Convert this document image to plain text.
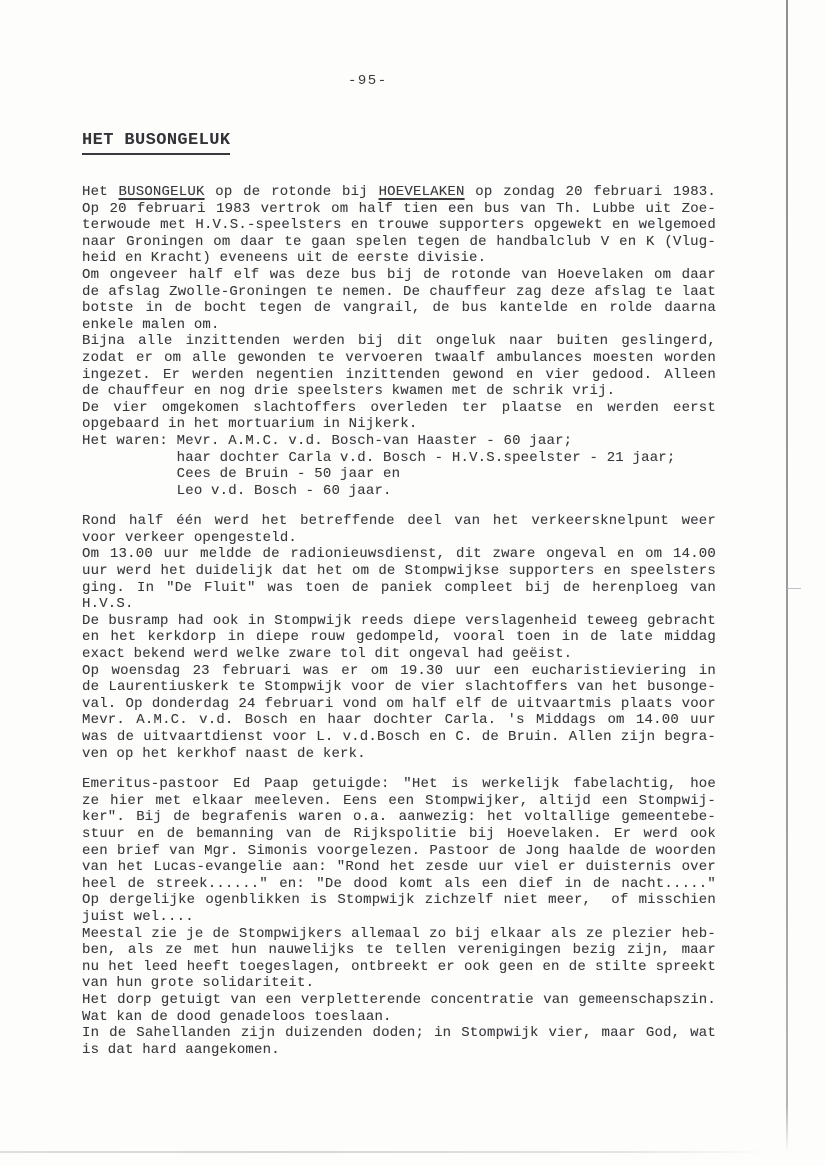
-95-
HET BUSONGELUK
Het BUSONGELUK op de rotonde bij HOEVELAKEN op zondag 20 februari 1983.
Op 20 februari 1983 vertrok om half tien een bus van Th. Lubbe uit Zoe-
terwoude met H.V.S.-speelsters en trouwe supporters opgewekt en welgemoed
naar Groningen om daar te gaan spelen tegen de handbalclub V en K (Vlug-
heid en Kracht) eveneens uit de eerste divisie.
Om ongeveer half elf was deze bus bij de rotonde van Hoevelaken om daar
de afslag Zwolle-Groningen te nemen. De chauffeur zag deze afslag te laat
botste in de bocht tegen de vangrail, de bus kantelde en rolde daarna
enkele malen om.
Bijna alle inzittenden werden bij dit ongeluk naar buiten geslingerd,
zodat er om alle gewonden te vervoeren twaalf ambulances moesten worden
ingezet. Er werden negentien inzittenden gewond en vier gedood. Alleen
de chauffeur en nog drie speelsters kwamen met de schrik vrij.
De vier omgekomen slachtoffers overleden ter plaatse en werden eerst
opgebaard in het mortuarium in Nijkerk.
Het waren: Mevr. A.M.C. v.d. Bosch-van Haaster - 60 jaar;
haar dochter Carla v.d. Bosch - H.V.S.speelster - 21 jaar;
Cees de Bruin - 50 jaar en
Leo v.d. Bosch - 60 jaar.
Rond half één werd het betreffende deel van het verkeersknelpunt weer
voor verkeer opengesteld.
Om 13.00 uur meldde de radionieuwsdienst, dit zware ongeval en om 14.00
uur werd het duidelijk dat het om de Stompwijkse supporters en speelsters
ging. In "De Fluit" was toen de paniek compleet bij de herenploeg van
H.V.S.
De busramp had ook in Stompwijk reeds diepe verslagenheid teweeg gebracht
en het kerkdorp in diepe rouw gedompeld, vooral toen in de late middag
exact bekend werd welke zware tol dit ongeval had geëist.
Op woensdag 23 februari was er om 19.30 uur een eucharistieviering in
de Laurentiuskerk te Stompwijk voor de vier slachtoffers van het busonge-
val. Op donderdag 24 februari vond om half elf de uitvaartmis plaats voor
Mevr. A.M.C. v.d. Bosch en haar dochter Carla. 's Middags om 14.00 uur
was de uitvaartdienst voor L. v.d.Bosch en C. de Bruin. Allen zijn begra-
ven op het kerkhof naast de kerk.
Emeritus-pastoor Ed Paap getuigde: "Het is werkelijk fabelachtig, hoe
ze hier met elkaar meeleven. Eens een Stompwijker, altijd een Stompwij-
ker". Bij de begrafenis waren o.a. aanwezig: het voltallige gemeentebe-
stuur en de bemanning van de Rijkspolitie bij Hoevelaken. Er werd ook
een brief van Mgr. Simonis voorgelezen. Pastoor de Jong haalde de woorden
van het Lucas-evangelie aan: "Rond het zesde uur viel er duisternis over
heel de streek......" en: "De dood komt als een dief in de nacht....."
Op dergelijke ogenblikken is Stompwijk zichzelf niet meer,  of misschien
juist wel....
Meestal zie je de Stompwijkers allemaal zo bij elkaar als ze plezier heb-
ben, als ze met hun nauwelijks te tellen verenigingen bezig zijn, maar
nu het leed heeft toegeslagen, ontbreekt er ook geen en de stilte spreekt
van hun grote solidariteit.
Het dorp getuigt van een verpletterende concentratie van gemeenschapszin.
Wat kan de dood genadeloos toeslaan.
In de Sahellanden zijn duizenden doden; in Stompwijk vier, maar God, wat
is dat hard aangekomen.
